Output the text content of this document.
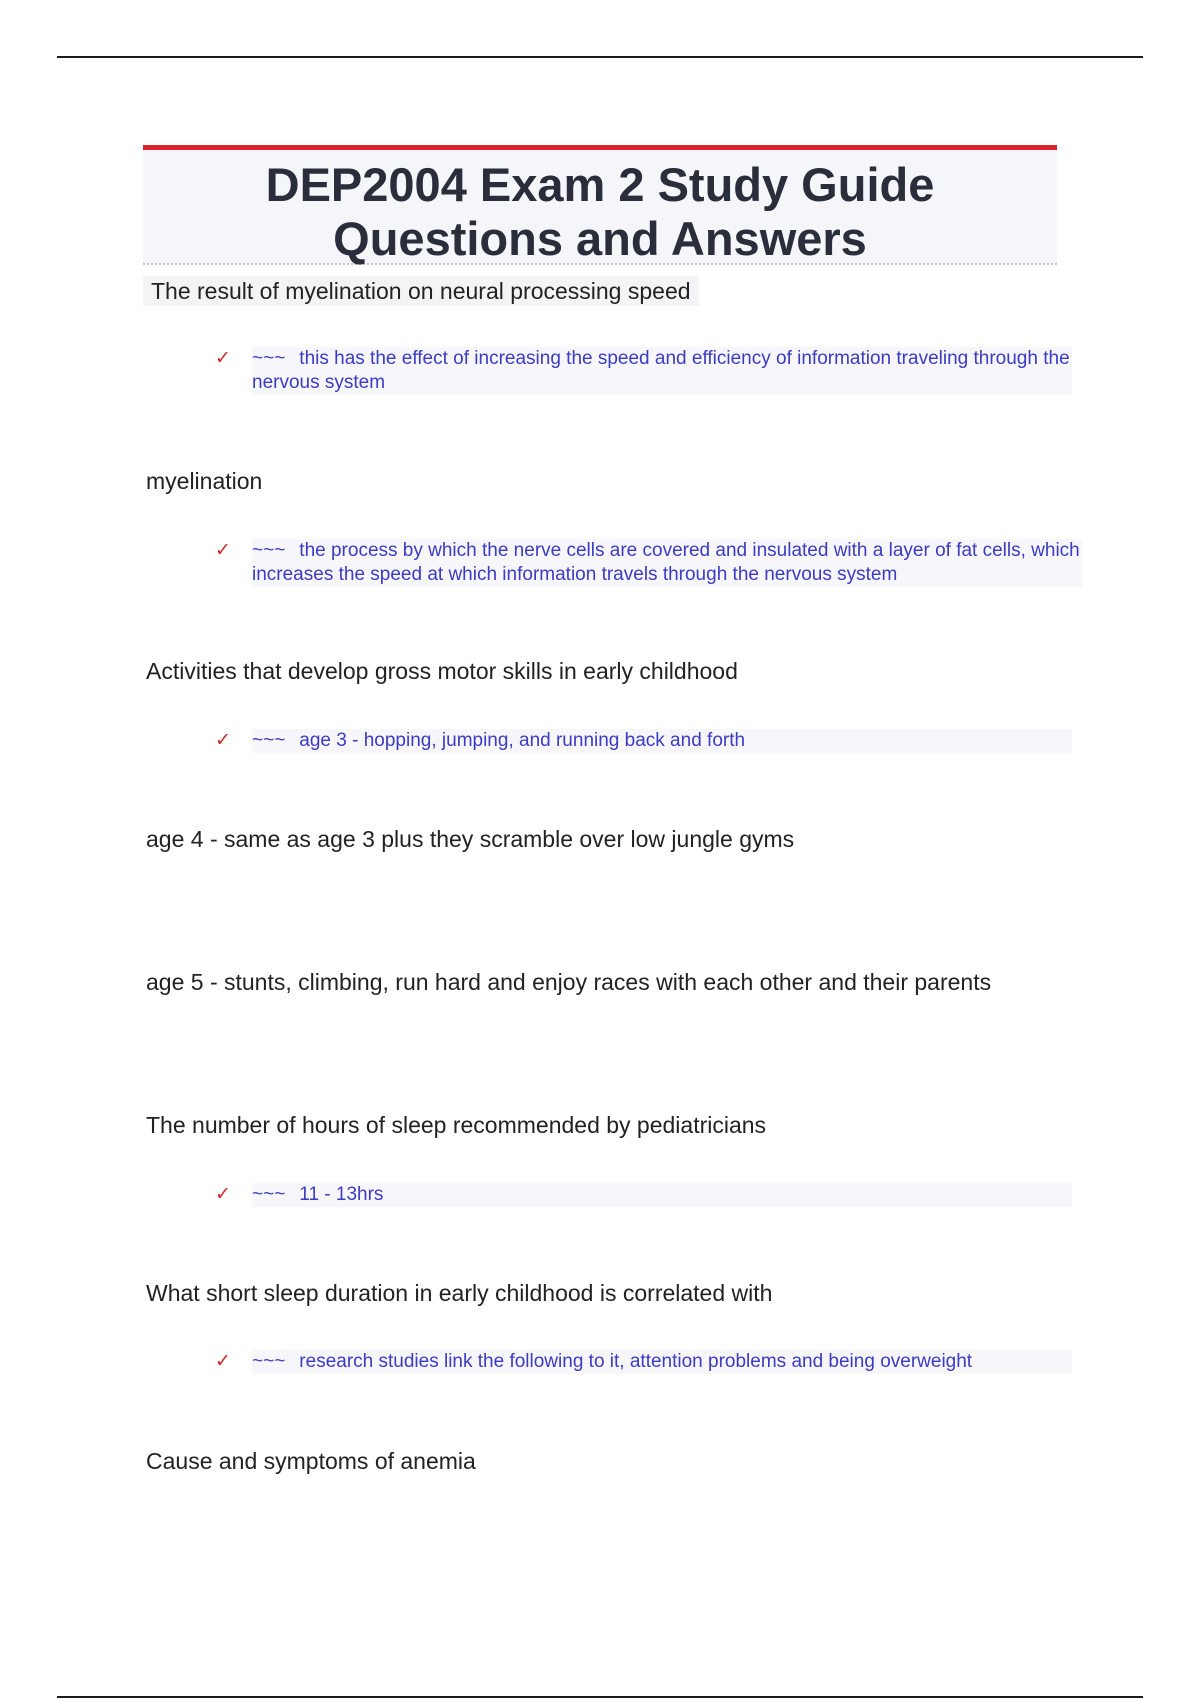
DEP2004 Exam 2 Study Guide
Questions and Answers
The result of myelination on neural processing speed
✓ ~~~ this has the effect of increasing the speed and efficiency of information traveling through the nervous system
myelination
✓ ~~~ the process by which the nerve cells are covered and insulated with a layer of fat cells, which increases the speed at which information travels through the nervous system
Activities that develop gross motor skills in early childhood
✓ ~~~ age 3 - hopping, jumping, and running back and forth
age 4 - same as age 3 plus they scramble over low jungle gyms
age 5 - stunts, climbing, run hard and enjoy races with each other and their parents
The number of hours of sleep recommended by pediatricians
✓ ~~~ 11 - 13hrs
What short sleep duration in early childhood is correlated with
✓ ~~~ research studies link the following to it, attention problems and being overweight
Cause and symptoms of anemia
